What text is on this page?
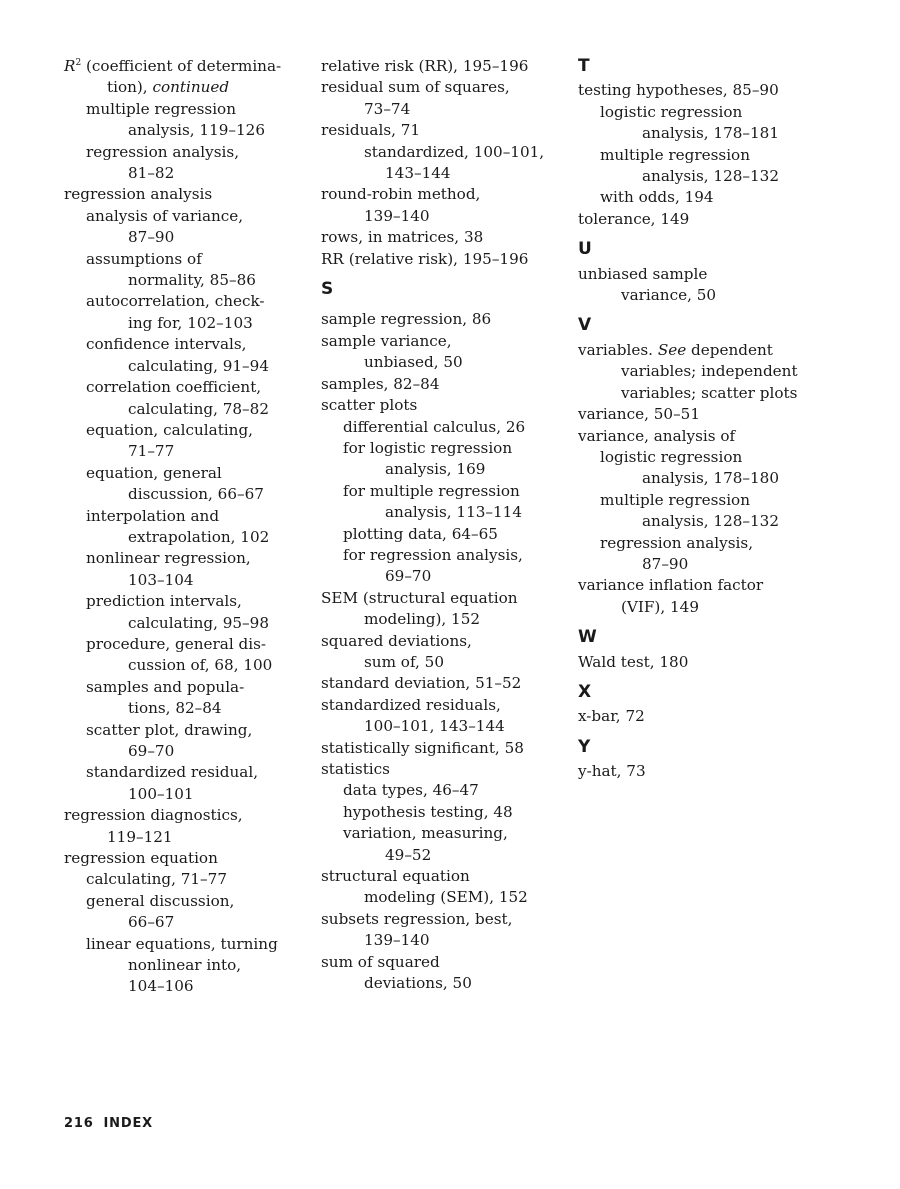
$R^2$ (coefficient of determina-
tion), continued
multiple regression
analysis, 119–126
regression analysis,
81–82
regression analysis
analysis of variance,
87–90
assumptions of
normality, 85–86
autocorrelation, check-
ing for, 102–103
confidence intervals,
calculating, 91–94
correlation coefficient,
calculating, 78–82
equation, calculating,
71–77
equation, general
discussion, 66–67
interpolation and
extrapolation, 102
nonlinear regression,
103–104
prediction intervals,
calculating, 95–98
procedure, general dis-
cussion of, 68, 100
samples and popula-
tions, 82–84
scatter plot, drawing,
69–70
standardized residual,
100–101
regression diagnostics,
119–121
regression equation
calculating, 71–77
general discussion,
66–67
linear equations, turning
nonlinear into,
104–106
relative risk (RR), 195–196
residual sum of squares,
73–74
residuals, 71
standardized, 100–101,
143–144
round-robin method,
139–140
rows, in matrices, 38
RR (relative risk), 195–196
S
sample regression, 86
sample variance,
unbiased, 50
samples, 82–84
scatter plots
differential calculus, 26
for logistic regression
analysis, 169
for multiple regression
analysis, 113–114
plotting data, 64–65
for regression analysis,
69–70
SEM (structural equation
modeling), 152
squared deviations,
sum of, 50
standard deviation, 51–52
standardized residuals,
100–101, 143–144
statistically significant, 58
statistics
data types, 46–47
hypothesis testing, 48
variation, measuring,
49–52
structural equation
modeling (SEM), 152
subsets regression, best,
139–140
sum of squared
deviations, 50
T
testing hypotheses, 85–90
logistic regression
analysis, 178–181
multiple regression
analysis, 128–132
with odds, 194
tolerance, 149
U
unbiased sample
variance, 50
V
variables. See dependent
variables; independent
variables; scatter plots
variance, 50–51
variance, analysis of
logistic regression
analysis, 178–180
multiple regression
analysis, 128–132
regression analysis,
87–90
variance inflation factor
(VIF), 149
W
Wald test, 180
X
x-bar, 72
Y
y-hat, 73
216 INDEX
